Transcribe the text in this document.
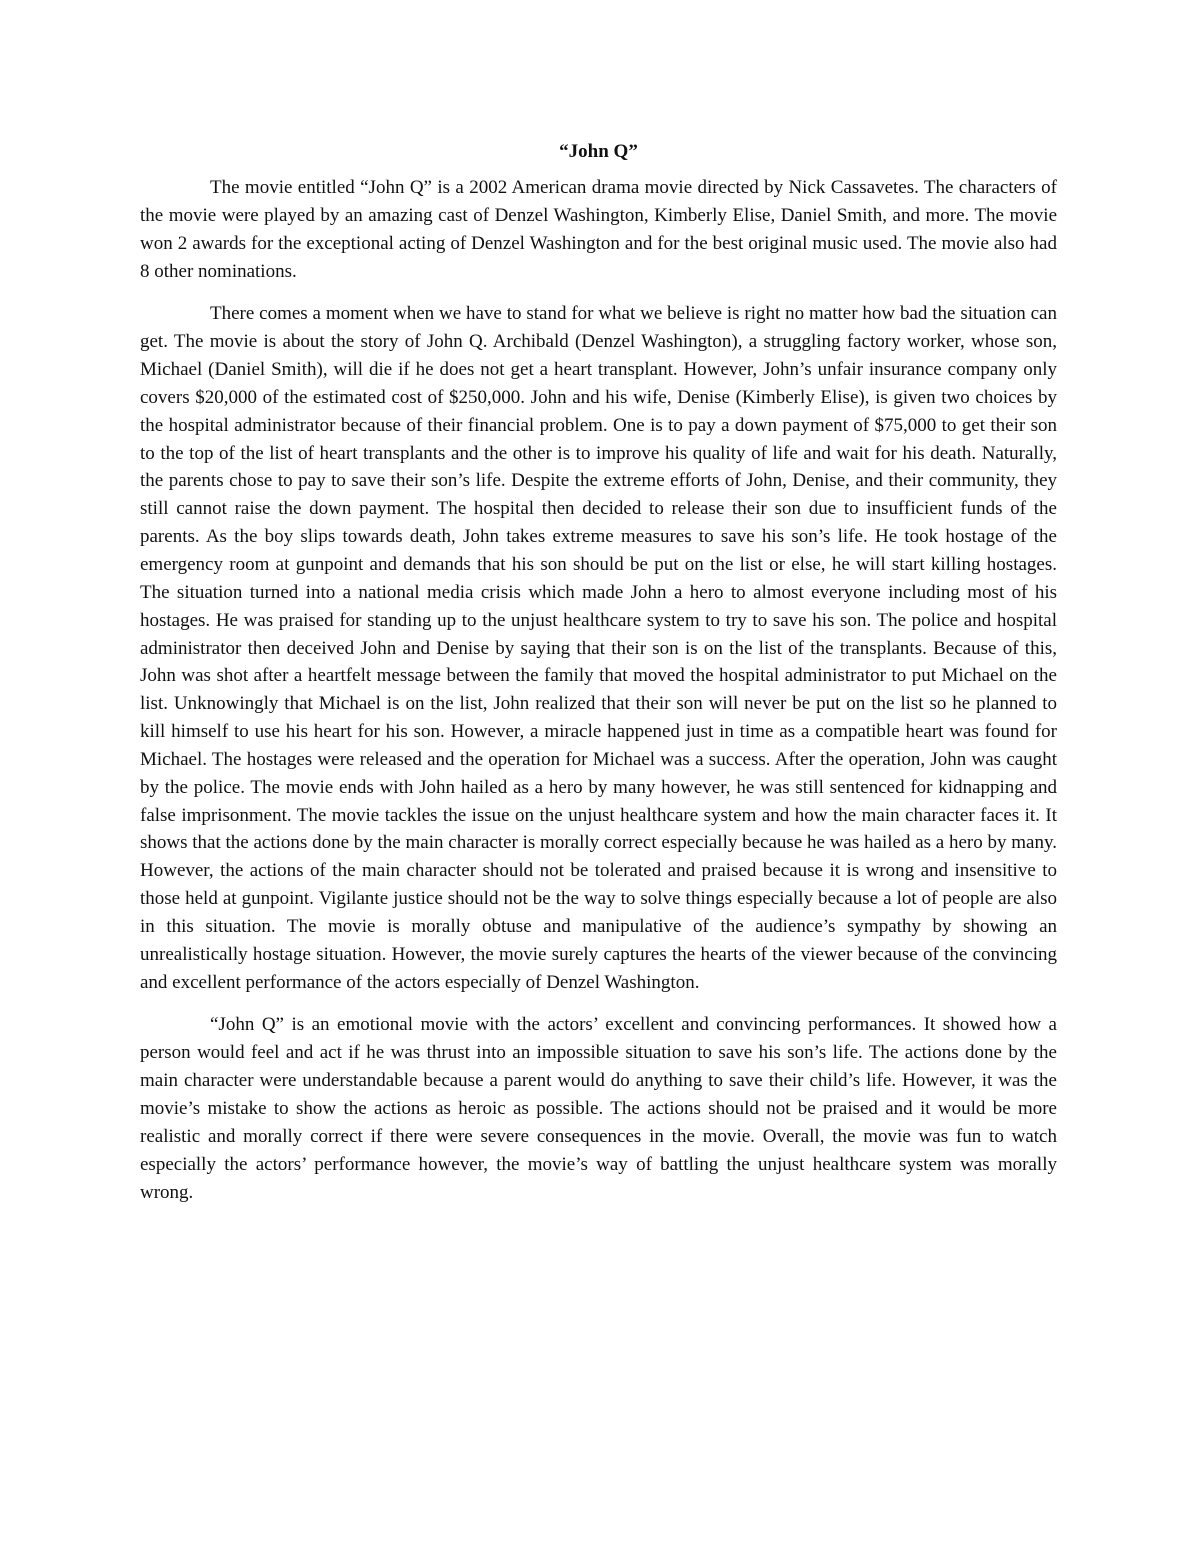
“John Q”

The movie entitled “John Q” is a 2002 American drama movie directed by Nick Cassavetes. The characters of the movie were played by an amazing cast of Denzel Washington, Kimberly Elise, Daniel Smith, and more. The movie won 2 awards for the exceptional acting of Denzel Washington and for the best original music used. The movie also had 8 other nominations.

There comes a moment when we have to stand for what we believe is right no matter how bad the situation can get. The movie is about the story of John Q. Archibald (Denzel Washington), a struggling factory worker, whose son, Michael (Daniel Smith), will die if he does not get a heart transplant. However, John’s unfair insurance company only covers $20,000 of the estimated cost of $250,000. John and his wife, Denise (Kimberly Elise), is given two choices by the hospital administrator because of their financial problem. One is to pay a down payment of $75,000 to get their son to the top of the list of heart transplants and the other is to improve his quality of life and wait for his death. Naturally, the parents chose to pay to save their son’s life. Despite the extreme efforts of John, Denise, and their community, they still cannot raise the down payment. The hospital then decided to release their son due to insufficient funds of the parents. As the boy slips towards death, John takes extreme measures to save his son’s life. He took hostage of the emergency room at gunpoint and demands that his son should be put on the list or else, he will start killing hostages. The situation turned into a national media crisis which made John a hero to almost everyone including most of his hostages. He was praised for standing up to the unjust healthcare system to try to save his son. The police and hospital administrator then deceived John and Denise by saying that their son is on the list of the transplants. Because of this, John was shot after a heartfelt message between the family that moved the hospital administrator to put Michael on the list. Unknowingly that Michael is on the list, John realized that their son will never be put on the list so he planned to kill himself to use his heart for his son. However, a miracle happened just in time as a compatible heart was found for Michael. The hostages were released and the operation for Michael was a success. After the operation, John was caught by the police. The movie ends with John hailed as a hero by many however, he was still sentenced for kidnapping and false imprisonment. The movie tackles the issue on the unjust healthcare system and how the main character faces it. It shows that the actions done by the main character is morally correct especially because he was hailed as a hero by many. However, the actions of the main character should not be tolerated and praised because it is wrong and insensitive to those held at gunpoint. Vigilante justice should not be the way to solve things especially because a lot of people are also in this situation. The movie is morally obtuse and manipulative of the audience’s sympathy by showing an unrealistically hostage situation. However, the movie surely captures the hearts of the viewer because of the convincing and excellent performance of the actors especially of Denzel Washington.

“John Q” is an emotional movie with the actors’ excellent and convincing performances. It showed how a person would feel and act if he was thrust into an impossible situation to save his son’s life. The actions done by the main character were understandable because a parent would do anything to save their child’s life. However, it was the movie’s mistake to show the actions as heroic as possible. The actions should not be praised and it would be more realistic and morally correct if there were severe consequences in the movie. Overall, the movie was fun to watch especially the actors’ performance however, the movie’s way of battling the unjust healthcare system was morally wrong.
